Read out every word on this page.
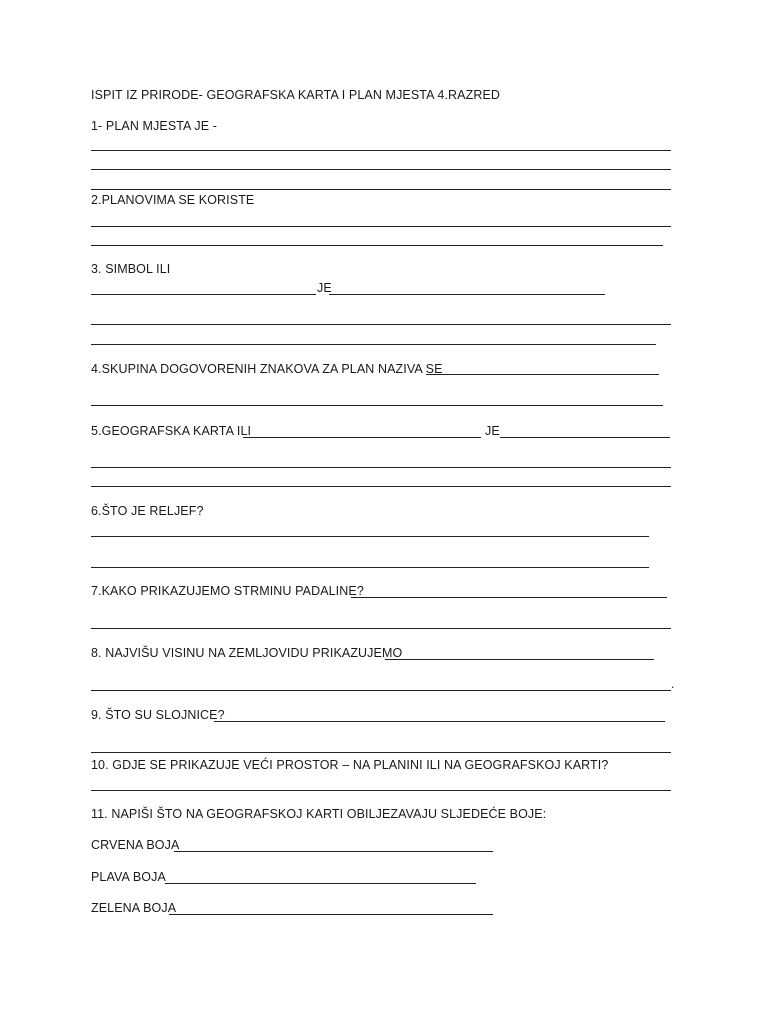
ISPIT IZ PRIRODE- GEOGRAFSKA KARTA I PLAN MJESTA 4.RAZRED
1- PLAN MJESTA JE -
2.PLANOVIMA SE KORISTE
3. SIMBOL ILI
JE
4.SKUPINA DOGOVORENIH ZNAKOVA ZA PLAN NAZIVA SE
5.GEOGRAFSKA KARTA ILI	JE
6.ŠTO JE RELJEF?
7.KAKO PRIKAZUJEMO STRMINU PADALINE?
8. NAJVIŠU VISINU NA ZEMLJOVIDU PRIKAZUJEMO
.
9. ŠTO SU SLOJNICE?
10. GDJE SE PRIKAZUJE VEĆI PROSTOR – NA PLANINI ILI NA GEOGRAFSKOJ KARTI?
11. NAPIŠI ŠTO NA GEOGRAFSKOJ KARTI OBILJEZAVAJU SLJEDEĆE BOJE:
CRVENA BOJA
PLAVA BOJA
ZELENA BOJA
